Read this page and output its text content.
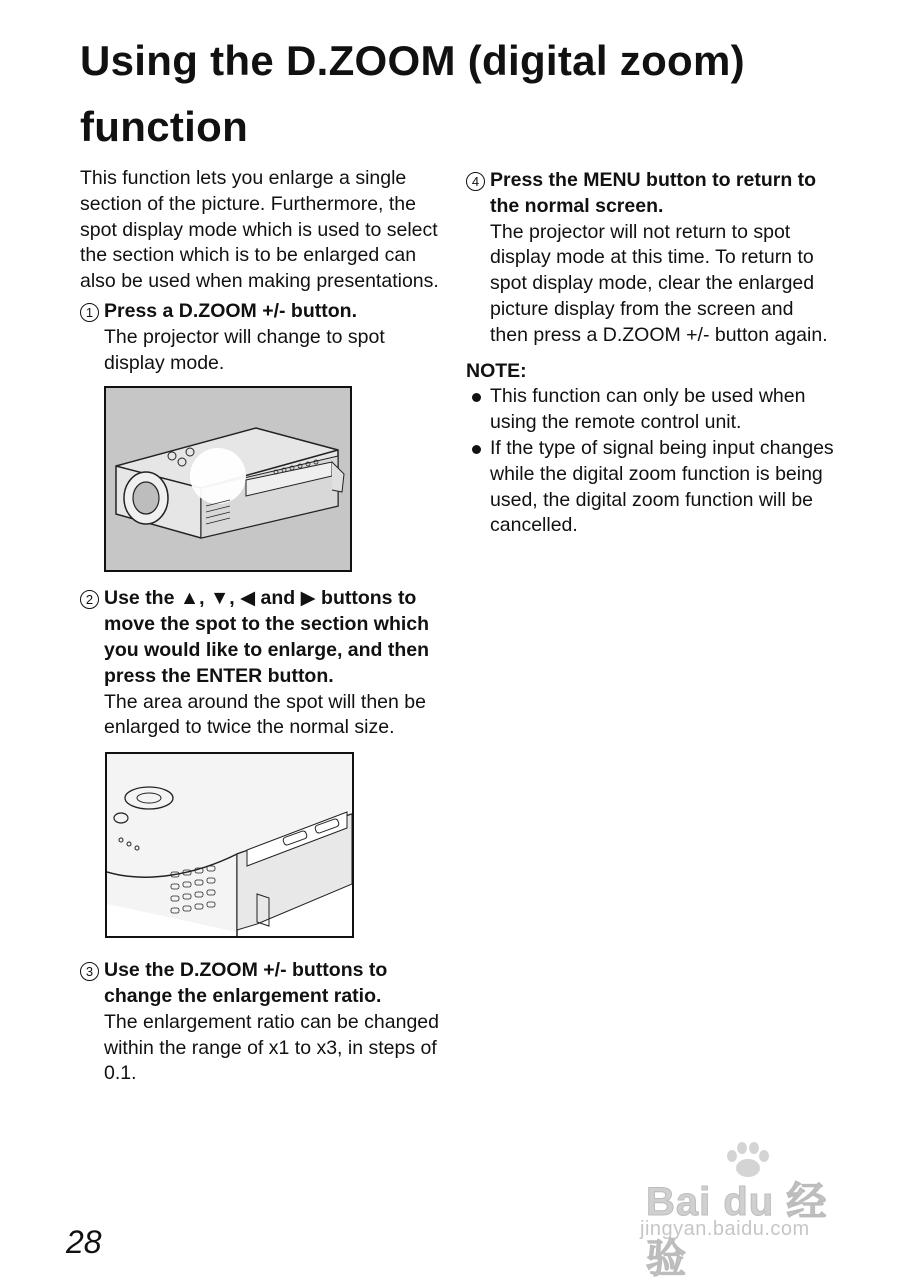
Using the D.ZOOM (digital zoom) function

This function lets you enlarge a single section of the picture. Furthermore, the spot display mode which is used to select the section which is to be enlarged can also be used when making presentations.

1 Press a D.ZOOM +/- button.

The projector will change to spot display mode.

2 Use the ▲, ▼, ◀ and ▶ buttons to move the spot to the section which you would like to enlarge, and then press the ENTER button.

The area around the spot will then be enlarged to twice the normal size.

3 Use the D.ZOOM +/- buttons to change the enlargement ratio.

The enlargement ratio can be changed within the range of x1 to x3, in steps of 0.1.

4 Press the MENU button to return to the normal screen.

The projector will not return to spot display mode at this time. To return to spot display mode, clear the enlarged picture display from the screen and then press a D.ZOOM +/- button again.

NOTE:

This function can only be used when using the remote control unit.

If the type of signal being input changes while the digital zoom function is being used, the digital zoom function will be cancelled.

28
Bai du 经验
jingyan.baidu.com
